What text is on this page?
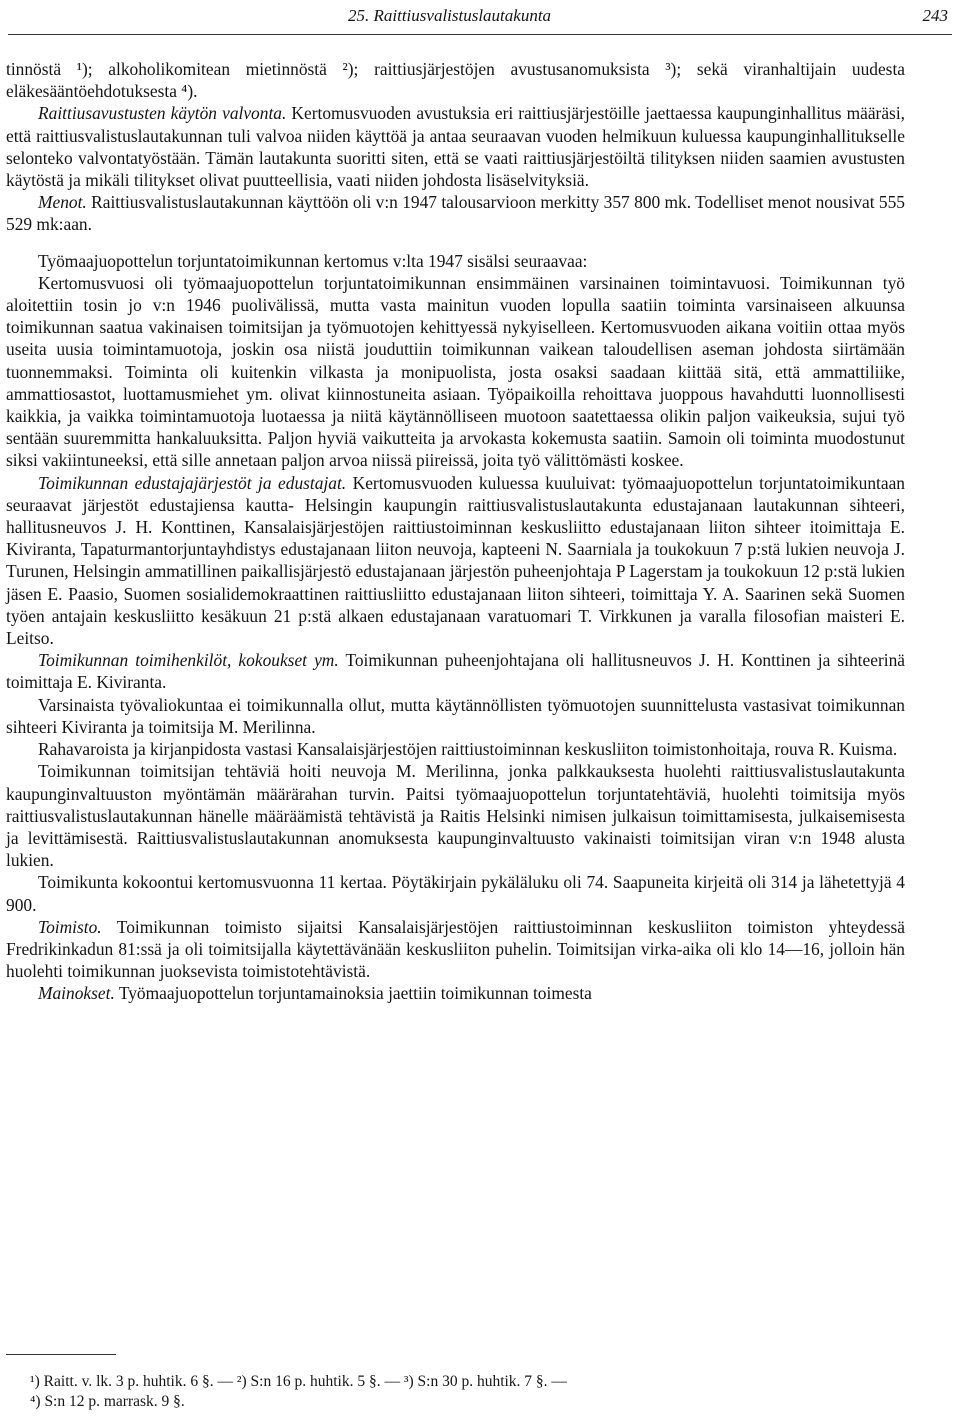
25. Raittiusvalistuslautakunta	243

tinnöstä ¹); alkoholikomitean mietinnöstä ²); raittiusjärjestöjen avustusanomuksista ³); sekä viranhaltijain uudesta eläkesääntöehdotuksesta ⁴).

Raittiusavustusten käytön valvonta. Kertomusvuoden avustuksia eri raittiusjärjestöille jaettaessa kaupunginhallitus määräsi, että raittiusvalistuslautakunnan tuli valvoa niiden käyttöä ja antaa seuraavan vuoden helmikuun kuluessa kaupunginhallitukselle selonteko valvontatyöstään. Tämän lautakunta suoritti siten, että se vaati raittiusjärjestöiltä tilityksen niiden saamien avustusten käytöstä ja mikäli tilitykset olivat puutteellisia, vaati niiden johdosta lisäselvityksiä.

Menot. Raittiusvalistuslautakunnan käyttöön oli v:n 1947 talousarvioon merkitty 357 800 mk. Todelliset menot nousivat 555 529 mk:aan.

Työmaajuopottelun torjuntatoimikunnan kertomus v:lta 1947 sisälsi seuraavaa:

Kertomusvuosi oli työmaajuopottelun torjuntatoimikunnan ensimmäinen varsinainen toimintavuosi. Toimikunnan työ aloitettiin tosin jo v:n 1946 puolivälissä, mutta vasta mainitun vuoden lopulla saatiin toiminta varsinaiseen alkuunsa toimikunnan saatua vakinaisen toimitsijan ja työmuotojen kehittyessä nykyiselleen. Kertomusvuoden aikana voitiin ottaa myös useita uusia toimintamuotoja, joskin osa niistä jouduttiin toimikunnan vaikean taloudellisen aseman johdosta siirtämään tuonnemmaksi. Toiminta oli kuitenkin vilkasta ja monipuolista, josta osaksi saadaan kiittää sitä, että ammattiliike, ammattiosastot, luottamusmiehet ym. olivat kiinnostuneita asiaan. Työpaikoilla rehoittava juoppous havahdutti luonnollisesti kaikkia, ja vaikka toimintamuotoja luotaessa ja niitä käytännölliseen muotoon saatettaessa olikin paljon vaikeuksia, sujui työ sentään suuremmitta hankaluuksitta. Paljon hyviä vaikutteita ja arvokasta kokemusta saatiin. Samoin oli toiminta muodostunut siksi vakiintuneeksi, että sille annetaan paljon arvoa niissä piireissä, joita työ välittömästi koskee.

Toimikunnan edustajajärjestöt ja edustajat. Kertomusvuoden kuluessa kuuluivat: työmaajuopottelun torjuntatoimikuntaan seuraavat järjestöt edustajiensa kautta- Helsingin kaupungin raittiusvalistuslautakunta edustajanaan lautakunnan sihteeri, hallitusneuvos J. H. Konttinen, Kansalaisjärjestöjen raittiustoiminnan keskusliitto edustajanaan liiton sihteer itoimittaja E. Kiviranta, Tapaturmantorjuntayhdistys edustajanaan liiton neuvoja, kapteeni N. Saarniala ja toukokuun 7 p:stä lukien neuvoja J. Turunen, Helsingin ammatillinen paikallisjärjestö edustajanaan järjestön puheenjohtaja P Lagerstam ja toukokuun 12 p:stä lukien jäsen E. Paasio, Suomen sosialidemokraattinen raittiusliitto edustajanaan liiton sihteeri, toimittaja Y. A. Saarinen sekä Suomen työen antajain keskusliitto kesäkuun 21 p:stä alkaen edustajanaan varatuomari T. Virkkunen ja varalla filosofian maisteri E. Leitso.

Toimikunnan toimihenkilöt, kokoukset ym. Toimikunnan puheenjohtajana oli hallitusneuvos J. H. Konttinen ja sihteerinä toimittaja E. Kiviranta.

Varsinaista työvaliokuntaa ei toimikunnalla ollut, mutta käytännöllisten työmuotojen suunnittelusta vastasivat toimikunnan sihteeri Kiviranta ja toimitsija M. Merilinna.

Rahavaroista ja kirjanpidosta vastasi Kansalaisjärjestöjen raittiustoiminnan keskusliiton toimistonhoitaja, rouva R. Kuisma.

Toimikunnan toimitsijan tehtäviä hoiti neuvoja M. Merilinna, jonka palkkauksesta huolehti raittiusvalistuslautakunta kaupunginvaltuuston myöntämän määrärahan turvin. Paitsi työmaajuopottelun torjuntatehtäviä, huolehti toimitsija myös raittiusvalistuslautakunnan hänelle määräämistä tehtävistä ja Raitis Helsinki nimisen julkaisun toimittamisesta, julkaisemisesta ja levittämisestä. Raittiusvalistuslautakunnan anomuksesta kaupunginvaltuusto vakinaisti toimitsijan viran v:n 1948 alusta lukien.

Toimikunta kokoontui kertomusvuonna 11 kertaa. Pöytäkirjain pykäläluku oli 74. Saapuneita kirjeitä oli 314 ja lähetettyjä 4 900.

Toimisto. Toimikunnan toimisto sijaitsi Kansalaisjärjestöjen raittiustoiminnan keskusliiton toimiston yhteydessä Fredrikinkadun 81:ssä ja oli toimitsijalla käytettävänään keskusliiton puhelin. Toimitsijan virka-aika oli klo 14—16, jolloin hän huolehti toimikunnan juoksevista toimistotehtävistä.

Mainokset. Työmaajuopottelun torjuntamainoksia jaettiin toimikunnan toimesta

¹) Raitt. v. lk. 3 p. huhtik. 6 §. — ²) S:n 16 p. huhtik. 5 §. — ³) S:n 30 p. huhtik. 7 §. —
⁴) S:n 12 p. marrask. 9 §.
